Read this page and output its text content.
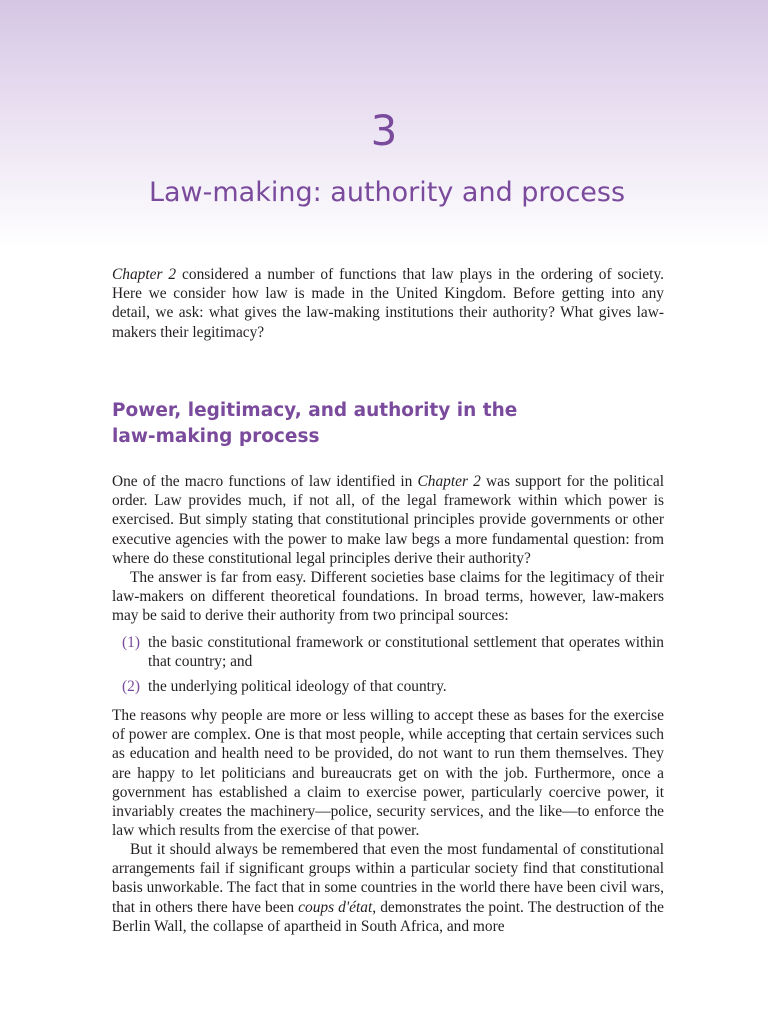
3
Law-making: authority and process

Chapter 2 considered a number of functions that law plays in the ordering of society. Here we consider how law is made in the United Kingdom. Before getting into any detail, we ask: what gives the law-making institutions their authority? What gives law-makers their legitimacy?

Power, legitimacy, and authority in the
law-making process

One of the macro functions of law identified in Chapter 2 was support for the political order. Law provides much, if not all, of the legal framework within which power is exercised. But simply stating that constitutional principles provide governments or other executive agencies with the power to make law begs a more fundamental question: from where do these constitutional legal principles derive their authority?

The answer is far from easy. Different societies base claims for the legitimacy of their law-makers on different theoretical foundations. In broad terms, however, law-makers may be said to derive their authority from two principal sources:

(1) the basic constitutional framework or constitutional settlement that operates within that country; and
(2) the underlying political ideology of that country.

The reasons why people are more or less willing to accept these as bases for the exercise of power are complex. One is that most people, while accepting that certain services such as education and health need to be provided, do not want to run them themselves. They are happy to let politicians and bureaucrats get on with the job. Furthermore, once a government has established a claim to exercise power, particularly coercive power, it invariably creates the machinery—police, security services, and the like—to enforce the law which results from the exercise of that power.

But it should always be remembered that even the most fundamental of constitutional arrangements fail if significant groups within a particular society find that constitutional basis unworkable. The fact that in some countries in the world there have been civil wars, that in others there have been coups d'état, demonstrates the point. The destruction of the Berlin Wall, the collapse of apartheid in South Africa, and more
